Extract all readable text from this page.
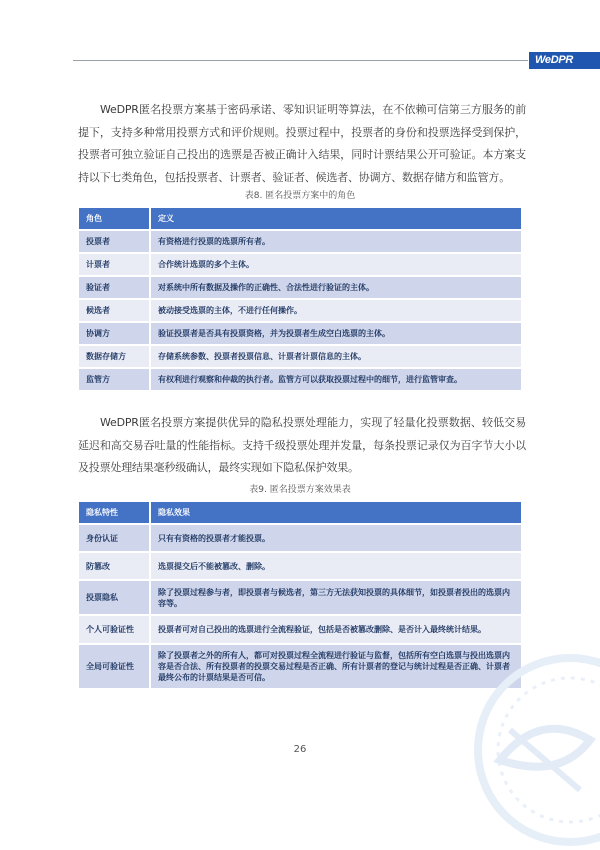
WeDPR
WeDPR匿名投票方案基于密码承诺、零知识证明等算法，在不依赖可信第三方服务的前提下，支持多种常用投票方式和评价规则。投票过程中，投票者的身份和投票选择受到保护，投票者可独立验证自己投出的选票是否被正确计入结果，同时计票结果公开可验证。本方案支持以下七类角色，包括投票者、计票者、验证者、候选者、协调方、数据存储方和监管方。
表8. 匿名投票方案中的角色
角色	定义
投票者	有资格进行投票的选票所有者。
计票者	合作统计选票的多个主体。
验证者	对系统中所有数据及操作的正确性、合法性进行验证的主体。
候选者	被动接受选票的主体，不进行任何操作。
协调方	验证投票者是否具有投票资格，并为投票者生成空白选票的主体。
数据存储方	存储系统参数、投票者投票信息、计票者计票信息的主体。
监管方	有权利进行观察和仲裁的执行者。监管方可以获取投票过程中的细节，进行监管审查。
WeDPR匿名投票方案提供优异的隐私投票处理能力，实现了轻量化投票数据、较低交易延迟和高交易吞吐量的性能指标。支持千级投票处理并发量，每条投票记录仅为百字节大小以及投票处理结果毫秒级确认，最终实现如下隐私保护效果。
表9. 匿名投票方案效果表
隐私特性	隐私效果
身份认证	只有有资格的投票者才能投票。
防篡改	选票提交后不能被篡改、删除。
投票隐私	除了投票过程参与者，即投票者与候选者，第三方无法获知投票的具体细节，如投票者投出的选票内容等。
个人可验证性	投票者可对自己投出的选票进行全流程验证，包括是否被篡改删除、是否计入最终统计结果。
全局可验证性	除了投票者之外的所有人，都可对投票过程全流程进行验证与监督，包括所有空白选票与投出选票内容是否合法、所有投票者的投票交易过程是否正确、所有计票者的登记与统计过程是否正确、计票者最终公布的计票结果是否可信。
26
